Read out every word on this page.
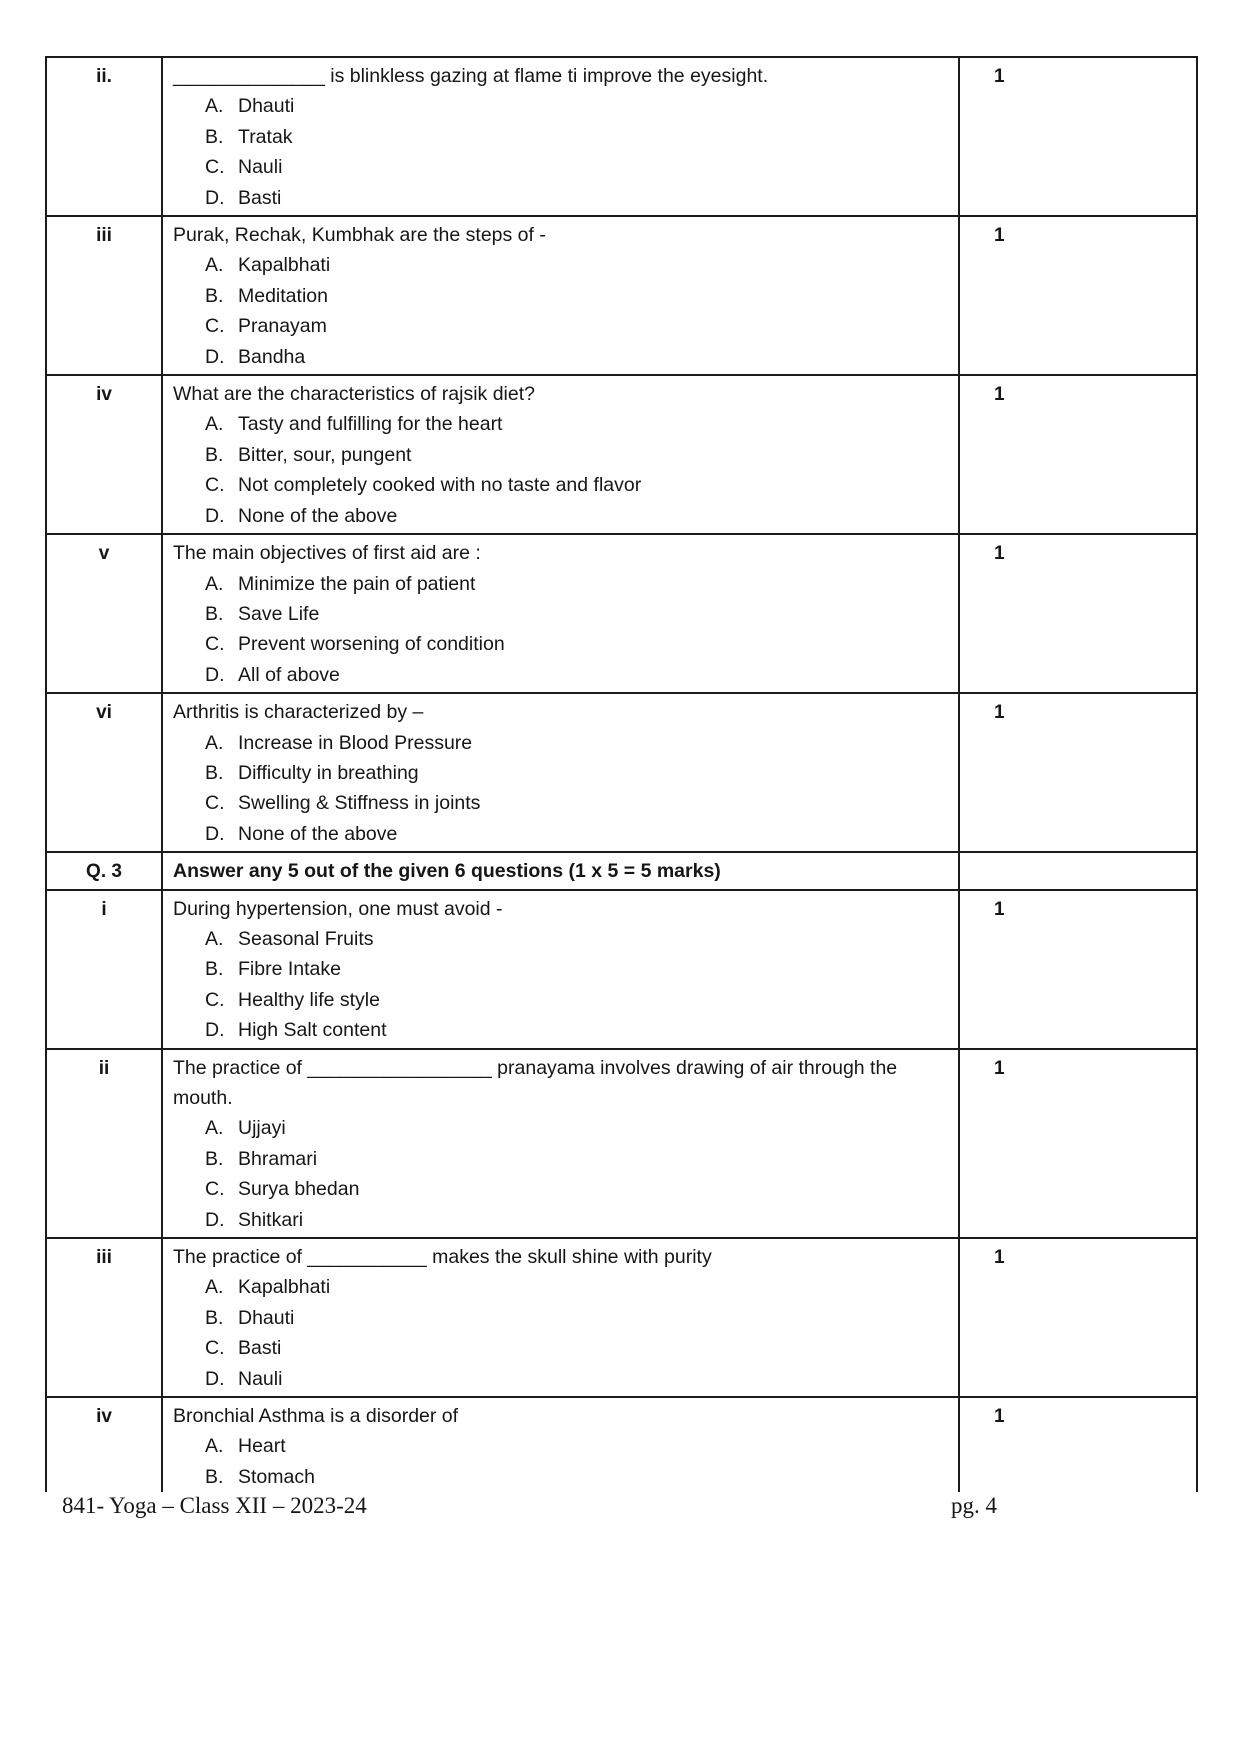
ii.	______________ is blinkless gazing at flame ti improve the eyesight.
A. Dhauti
B. Tratak
C. Nauli
D. Basti
1
iii	Purak, Rechak, Kumbhak are the steps of -
A. Kapalbhati
B. Meditation
C. Pranayam
D. Bandha
1
iv	What are the characteristics of rajsik diet?
A. Tasty and fulfilling for the heart
B. Bitter, sour, pungent
C. Not completely cooked with no taste and flavor
D. None of the above
1
v	The main objectives of first aid are :
A. Minimize the pain of patient
B. Save Life
C. Prevent worsening of condition
D. All of above
1
vi	Arthritis is characterized by –
A. Increase in Blood Pressure
B. Difficulty in breathing
C. Swelling & Stiffness in joints
D. None of the above
1
Q. 3	Answer any 5 out of the given 6 questions (1 x 5 = 5 marks)
i	During hypertension, one must avoid -
A. Seasonal Fruits
B. Fibre Intake
C. Healthy life style
D. High Salt content
1
ii	The practice of _________________ pranayama involves drawing of air through the mouth.
A. Ujjayi
B. Bhramari
C. Surya bhedan
D. Shitkari
1
iii	The practice of ___________ makes the skull shine with purity
A. Kapalbhati
B. Dhauti
C. Basti
D. Nauli
1
iv	Bronchial Asthma is a disorder of
A. Heart
B. Stomach
1
841- Yoga – Class XII – 2023-24	pg. 4
